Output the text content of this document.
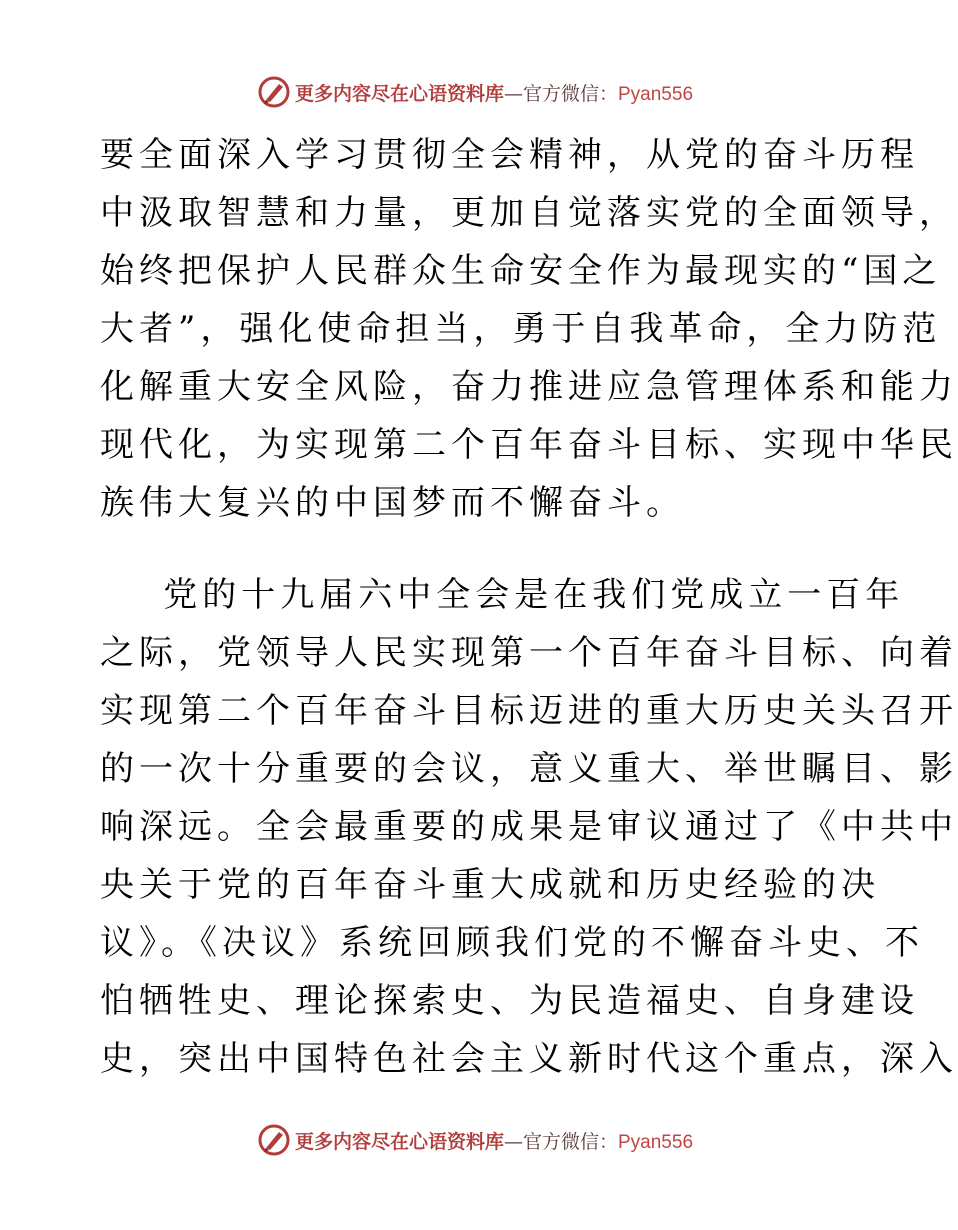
更多内容尽在心语资料库—官方微信：Pyan556
要全面深入学习贯彻全会精神，从党的奋斗历程
中汲取智慧和力量，更加自觉落实党的全面领导，
始终把保护人民群众生命安全作为最现实的“国之
大者”，强化使命担当，勇于自我革命，全力防范
化解重大安全风险，奋力推进应急管理体系和能力
现代化，为实现第二个百年奋斗目标、实现中华民
族伟大复兴的中国梦而不懈奋斗。
党的十九届六中全会是在我们党成立一百年
之际，党领导人民实现第一个百年奋斗目标、向着
实现第二个百年奋斗目标迈进的重大历史关头召开
的一次十分重要的会议，意义重大、举世瞩目、影
响深远。全会最重要的成果是审议通过了《中共中
央关于党的百年奋斗重大成就和历史经验的决
议》。《决议》系统回顾我们党的不懈奋斗史、不
怕牺牲史、理论探索史、为民造福史、自身建设
史，突出中国特色社会主义新时代这个重点，深入
更多内容尽在心语资料库—官方微信：Pyan556
